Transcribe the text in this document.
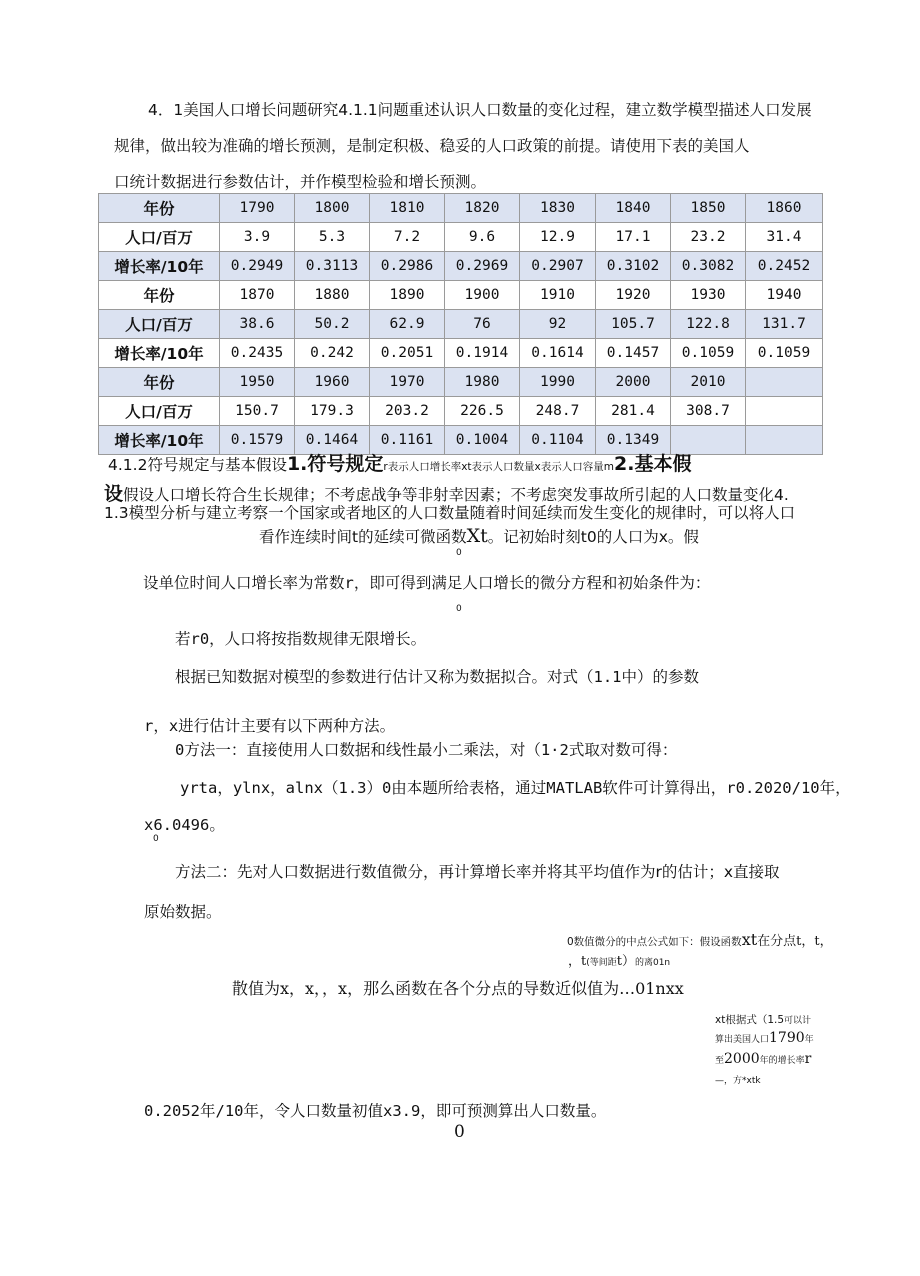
4．1美国人口增长问题研究4.1.1问题重述认识人口数量的变化过程，建立数学模型描述人口发展
规律，做出较为准确的增长预测，是制定积极、稳妥的人口政策的前提。请使用下表的美国人
口统计数据进行参数估计，并作模型检验和增长预测。
年份	1790	1800	1810	1820	1830	1840	1850	1860
人口/百万	3.9	5.3	7.2	9.6	12.9	17.1	23.2	31.4
增长率/10年	0.2949	0.3113	0.2986	0.2969	0.2907	0.3102	0.3082	0.2452
年份	1870	1880	1890	1900	1910	1920	1930	1940
人口/百万	38.6	50.2	62.9	76	92	105.7	122.8	131.7
增长率/10年	0.2435	0.242	0.2051	0.1914	0.1614	0.1457	0.1059	0.1059
年份	1950	1960	1970	1980	1990	2000	2010	
人口/百万	150.7	179.3	203.2	226.5	248.7	281.4	308.7	
增长率/10年	0.1579	0.1464	0.1161	0.1004	0.1104	0.1349		
4.1.2符号规定与基本假设1.符号规定r表示人口增长率xt表示人口数量x表示人口容量m2.基本假
设假设人口增长符合生长规律；不考虑战争等非射幸因素；不考虑突发事故所引起的人口数量变化4.
1.3模型分析与建立考察一个国家或者地区的人口数量随着时间延续而发生变化的规律时，可以将人口
看作连续时间t的延续可微函数Xt。记初始时刻t0的人口为x。假
0
设单位时间人口增长率为常数r，即可得到满足人口增长的微分方程和初始条件为：
0
若r0，人口将按指数规律无限增长。
根据已知数据对模型的参数进行估计又称为数据拟合。对式（1.1中）的参数
r，x进行估计主要有以下两种方法。
0方法一：直接使用人口数据和线性最小二乘法，对（1·2式取对数可得：
yrta，ylnx，alnx（1.3）0由本题所给表格，通过MATLAB软件可计算得出，r0.2020/10年，
x6.0496。
0
方法二：先对人口数据进行数值微分，再计算增长率并将其平均值作为r的估计；x直接取
原始数据。
0数值微分的中点公式如下：假设函数xt在分点t，t，
，t(等间距t）的离01n
散值为x，x，，x，那么函数在各个分点的导数近似值为…01nxx
xt根据式（1.5可以计
算出美国人口1790年
至2000年的增长率r
—，方*xtk
0.2052年/10年，令人口数量初值x3.9，即可预测算出人口数量。
0
